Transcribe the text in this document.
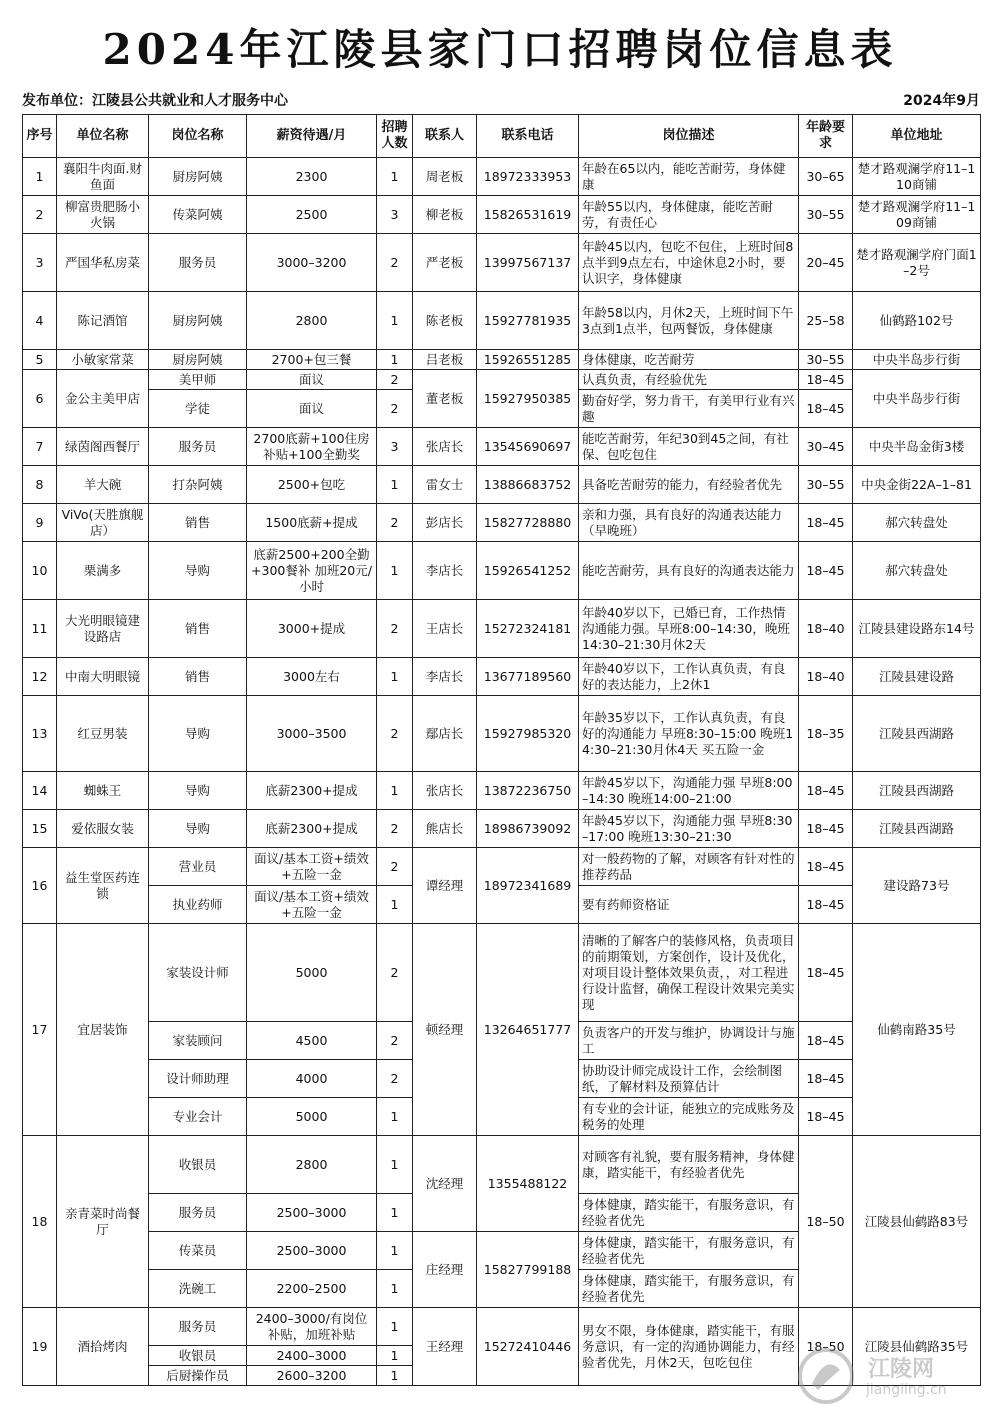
2024年江陵县家门口招聘岗位信息表
发布单位：江陵县公共就业和人才服务中心	2024年9月
序号	单位名称	岗位名称	薪资待遇/月	招聘人数	联系人	联系电话	岗位描述	年龄要求	单位地址
1	襄阳牛肉面.财鱼面	厨房阿姨	2300	1	周老板	18972333953	年龄在65以内，能吃苦耐劳，身体健康	30–65	楚才路观澜学府11–110商铺
2	柳富贵肥肠小火锅	传菜阿姨	2500	3	柳老板	15826531619	年龄55以内，身体健康，能吃苦耐劳，有责任心	30–55	楚才路观澜学府11–109商铺
3	严国华私房菜	服务员	3000–3200	2	严老板	13997567137	年龄45以内，包吃不包住，上班时间8点半到9点左右，中途休息2小时，要认识字，身体健康	20–45	楚才路观澜学府门面1–2号
4	陈记酒馆	厨房阿姨	2800	1	陈老板	15927781935	年龄58以内，月休2天，上班时间下午3点到1点半，包两餐饭，身体健康	25–58	仙鹤路102号
5	小敏家常菜	厨房阿姨	2700+包三餐	1	吕老板	15926551285	身体健康，吃苦耐劳	30–55	中央半岛步行街
6	金公主美甲店	美甲师	面议	2	董老板	15927950385	认真负责，有经验优先	18–45	中央半岛步行街
		学徒	面议	2			勤奋好学，努力肯干，有美甲行业有兴趣	18–45	
7	绿茵阁西餐厅	服务员	2700底薪+100住房补贴+100全勤奖	3	张店长	13545690697	能吃苦耐劳，年纪30到45之间，有社保、包吃包住	30–45	中央半岛金街3楼
8	羊大碗	打杂阿姨	2500+包吃	1	雷女士	13886683752	具备吃苦耐劳的能力，有经验者优先	30–55	中央金街22A–1–81
9	ViVo(天胜旗舰店）	销售	1500底薪+提成	2	彭店长	15827728880	亲和力强，具有良好的沟通表达能力（早晚班）	18–45	郝穴转盘处
10	栗满多	导购	底薪2500+200全勤+300餐补 加班20元/小时	1	李店长	15926541252	能吃苦耐劳，具有良好的沟通表达能力	18–45	郝穴转盘处
11	大光明眼镜建设路店	销售	3000+提成	2	王店长	15272324181	年龄40岁以下，已婚已育，工作热情沟通能力强。早班8:00–14:30，晚班14:30–21:30月休2天	18–40	江陵县建设路东14号
12	中南大明眼镜	销售	3000左右	1	李店长	13677189560	年龄40岁以下，工作认真负责，有良好的表达能力，上2休1	18–40	江陵县建设路
13	红豆男装	导购	3000–3500	2	鄢店长	15927985320	年龄35岁以下，工作认真负责，有良好的沟通能力 早班8:30–15:00 晚班14:30–21:30月休4天 买五险一金	18–35	江陵县西湖路
14	蜘蛛王	导购	底薪2300+提成	1	张店长	13872236750	年龄45岁以下，沟通能力强 早班8:00–14:30 晚班14:00–21:00	18–45	江陵县西湖路
15	爱依服女装	导购	底薪2300+提成	2	熊店长	18986739092	年龄45岁以下，沟通能力强 早班8:30–17:00 晚班13:30–21:30	18–45	江陵县西湖路
16	益生堂医药连锁	营业员	面议/基本工资+绩效+五险一金	2	谭经理	18972341689	对一般药物的了解，对顾客有针对性的推荐药品	18–45	建设路73号
		执业药师	面议/基本工资+绩效+五险一金	1			要有药师资格证	18–45	
17	宜居装饰	家装设计师	5000	2	顿经理	13264651777	清晰的了解客户的装修风格，负责项目的前期策划，方案创作，设计及优化，对项目设计整体效果负责，，对工程进行设计监督，确保工程设计效果完美实现	18–45	仙鹤南路35号
		家装顾问	4500	2			负责客户的开发与维护，协调设计与施工	18–45	
		设计师助理	4000	2			协助设计师完成设计工作，会绘制图纸，了解材料及预算估计	18–45	
		专业会计	5000	1			有专业的会计证，能独立的完成账务及税务的处理	18–45	
18	亲青菜时尚餐厅	收银员	2800	1	沈经理	1355488122	对顾客有礼貌，要有服务精神，身体健康，踏实能干，有经验者优先	18–50	江陵县仙鹤路83号
		服务员	2500–3000	1			身体健康，踏实能干，有服务意识，有经验者优先		
		传菜员	2500–3000	1	庄经理	15827799188	身体健康，踏实能干，有服务意识，有经验者优先		
		洗碗工	2200–2500	1			身体健康，踏实能干，有服务意识，有经验者优先		
19	酒拾烤肉	服务员	2400–3000/有岗位补贴，加班补贴	1	王经理	15272410446	男女不限，身体健康，踏实能干，有服务意识，有一定的沟通协调能力，有经验者优先，月休2天，包吃包住	18–50	江陵县仙鹤路35号
		收银员	2400–3000	1					
		后厨操作员	2600–3200	1						江陵网
jiangling.cn
